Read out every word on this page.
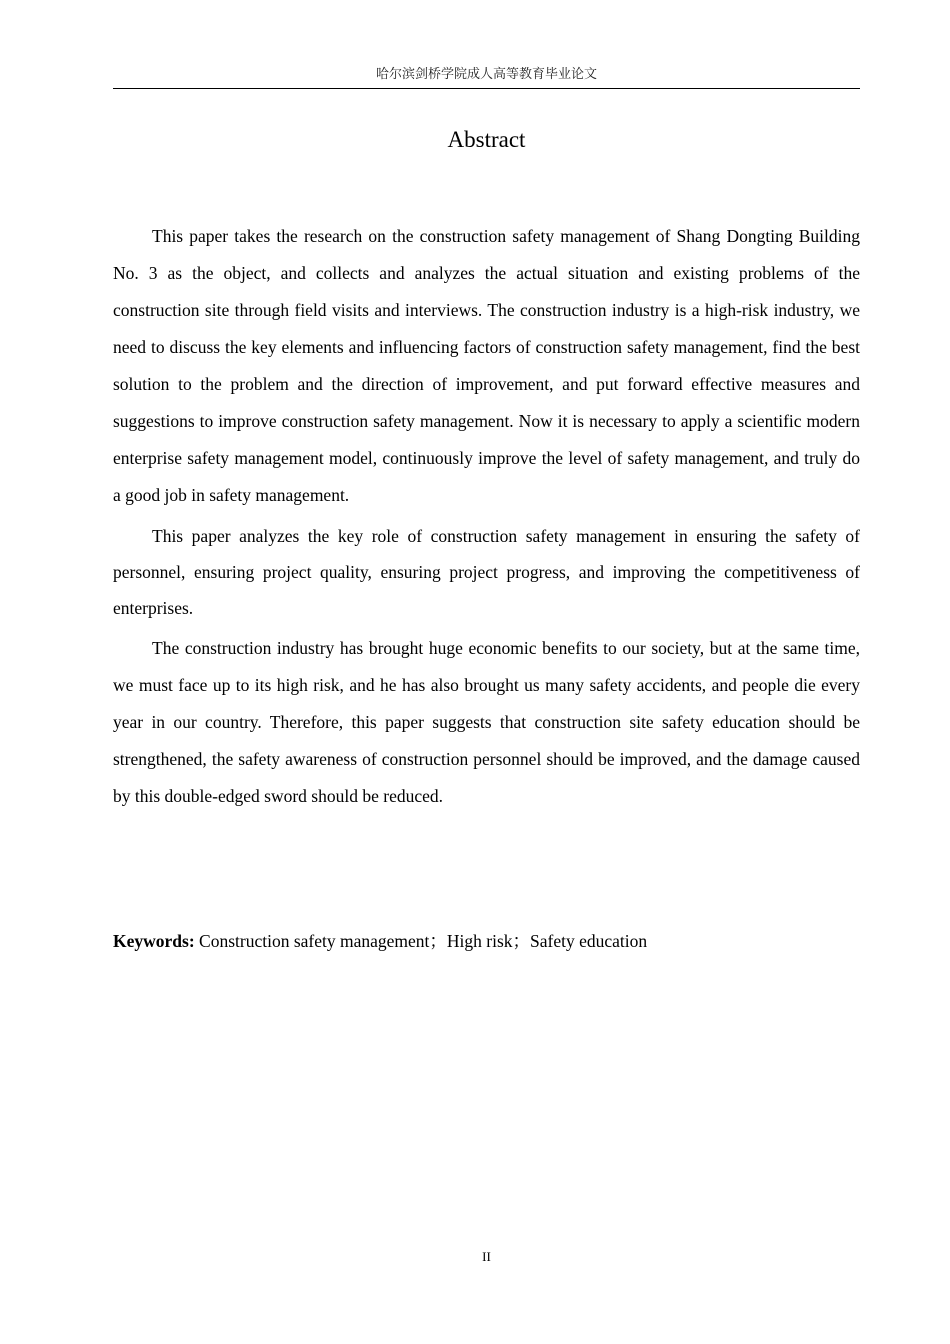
哈尔滨剑桥学院成人高等教育毕业论文
Abstract

This paper takes the research on the construction safety management of Shang Dongting Building No. 3 as the object, and collects and analyzes the actual situation and existing problems of the construction site through field visits and interviews. The construction industry is a high-risk industry, we need to discuss the key elements and influencing factors of construction safety management, find the best solution to the problem and the direction of improvement, and put forward effective measures and suggestions to improve construction safety management. Now it is necessary to apply a scientific modern enterprise safety management model, continuously improve the level of safety management, and truly do a good job in safety management.

This paper analyzes the key role of construction safety management in ensuring the safety of personnel, ensuring project quality, ensuring project progress, and improving the competitiveness of enterprises.

The construction industry has brought huge economic benefits to our society, but at the same time, we must face up to its high risk, and he has also brought us many safety accidents, and people die every year in our country. Therefore, this paper suggests that construction site safety education should be strengthened, the safety awareness of construction personnel should be improved, and the damage caused by this double-edged sword should be reduced.

Keywords: Construction safety management；High risk；Safety education
II
